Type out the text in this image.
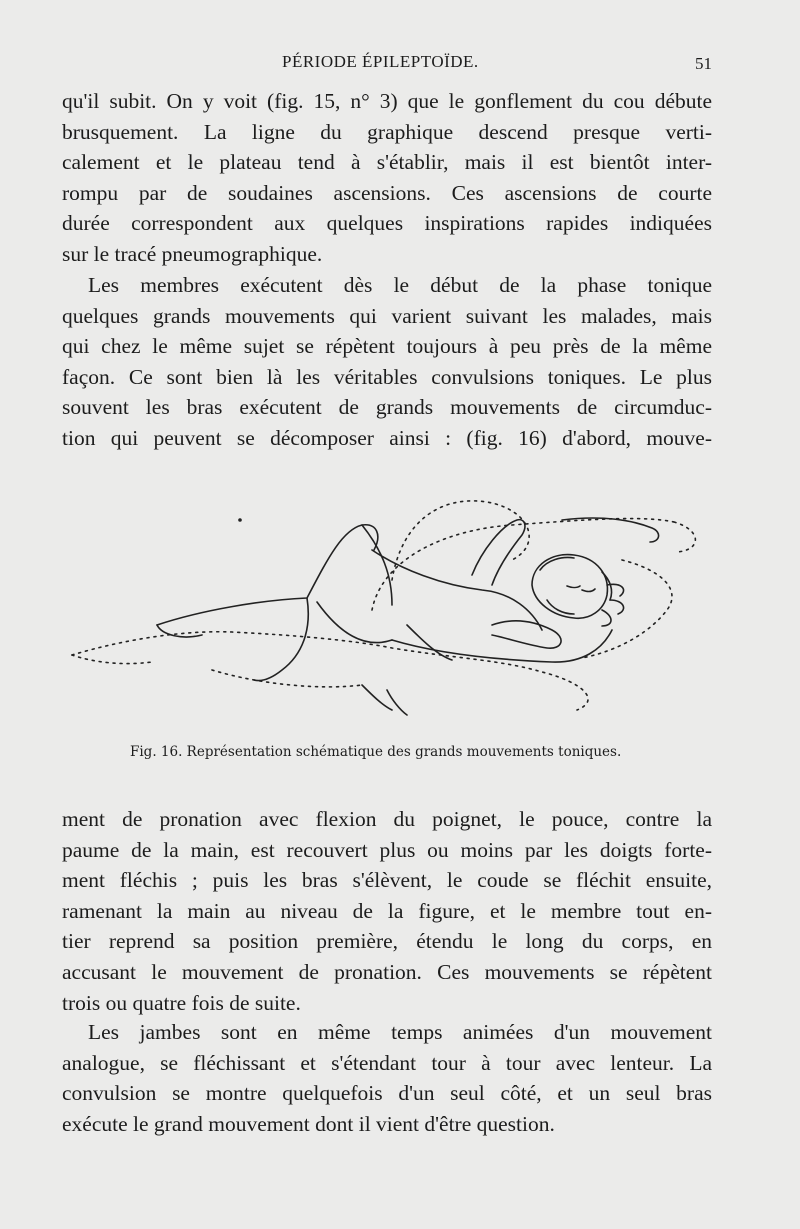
PÉRIODE ÉPILEPTOÏDE.	51
qu'il subit. On y voit (fig. 15, n° 3) que le gonflement du cou débute
brusquement. La ligne du graphique descend presque verti-
calement et le plateau tend à s'établir, mais il est bientôt inter-
rompu par de soudaines ascensions. Ces ascensions de courte
durée correspondent aux quelques inspirations rapides indiquées
sur le tracé pneumographique.
Les membres exécutent dès le début de la phase tonique
quelques grands mouvements qui varient suivant les malades, mais
qui chez le même sujet se répètent toujours à peu près de la même
façon. Ce sont bien là les véritables convulsions toniques. Le plus
souvent les bras exécutent de grands mouvements de circumduc-
tion qui peuvent se décomposer ainsi : (fig. 16) d'abord, mouve-
Fig. 16. Représentation schématique des grands mouvements toniques.
ment de pronation avec flexion du poignet, le pouce, contre la
paume de la main, est recouvert plus ou moins par les doigts forte-
ment fléchis ; puis les bras s'élèvent, le coude se fléchit ensuite,
ramenant la main au niveau de la figure, et le membre tout en-
tier reprend sa position première, étendu le long du corps, en
accusant le mouvement de pronation. Ces mouvements se répètent
trois ou quatre fois de suite.
Les jambes sont en même temps animées d'un mouvement
analogue, se fléchissant et s'étendant tour à tour avec lenteur. La
convulsion se montre quelquefois d'un seul côté, et un seul bras
exécute le grand mouvement dont il vient d'être question.
